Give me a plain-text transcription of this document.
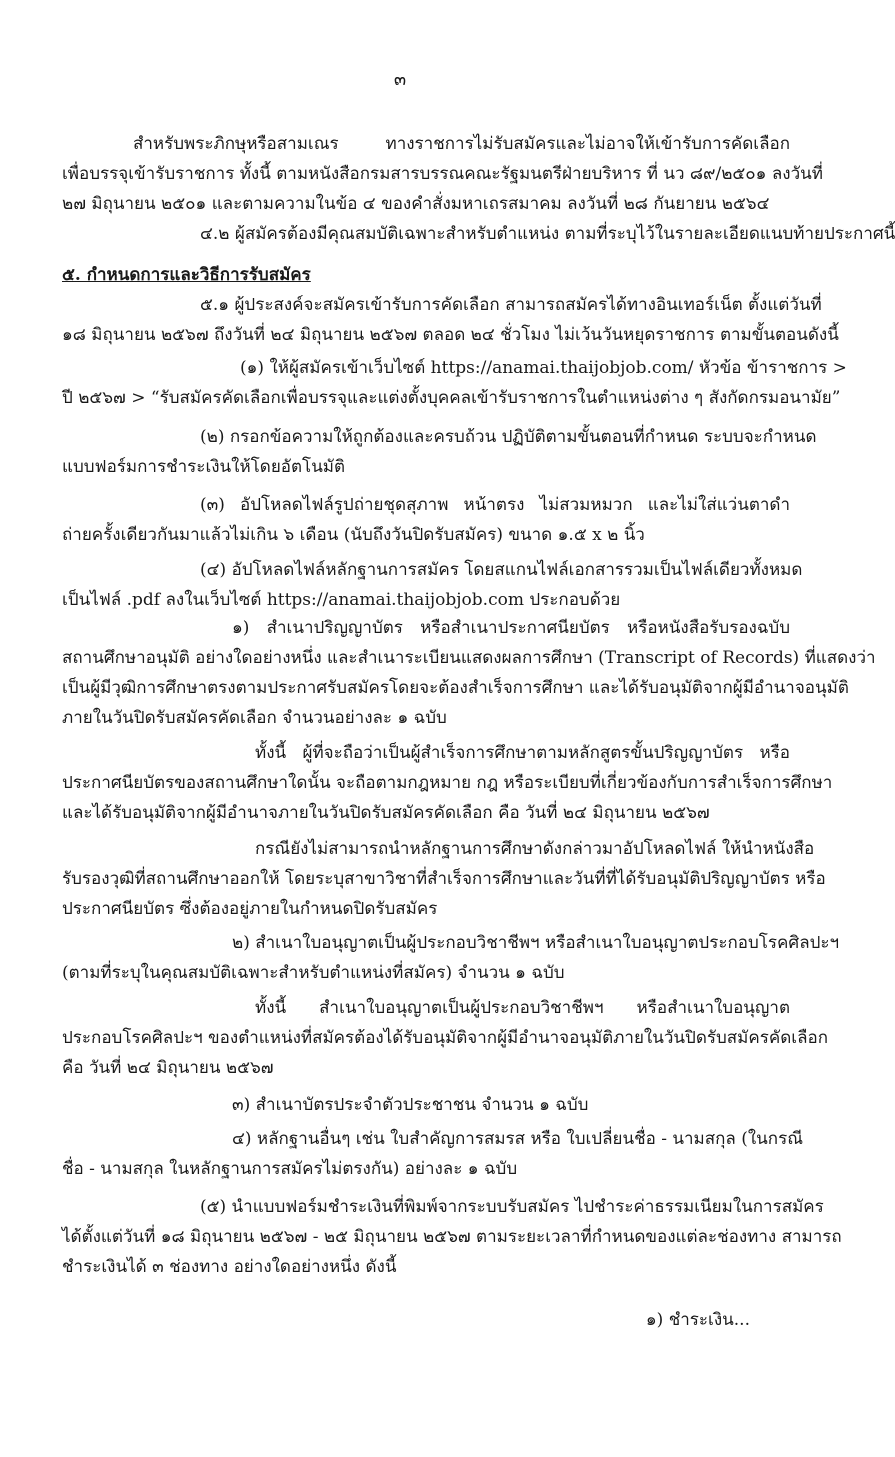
๓
สำหรับพระภิกษุหรือสามเณร ทางราชการไม่รับสมัครและไม่อาจให้เข้ารับการคัดเลือก
เพื่อบรรจุเข้ารับราชการ ทั้งนี้ ตามหนังสือกรมสารบรรณคณะรัฐมนตรีฝ่ายบริหาร ที่ นว ๘๙/๒๕๐๑ ลงวันที่
๒๗ มิถุนายน ๒๕๐๑ และตามความในข้อ ๔ ของคำสั่งมหาเถรสมาคม ลงวันที่ ๒๘ กันยายน ๒๕๖๔
๔.๒ ผู้สมัครต้องมีคุณสมบัติเฉพาะสำหรับตำแหน่ง ตามที่ระบุไว้ในรายละเอียดแนบท้ายประกาศนี้
๕. กำหนดการและวิธีการรับสมัคร
๕.๑ ผู้ประสงค์จะสมัครเข้ารับการคัดเลือก สามารถสมัครได้ทางอินเทอร์เน็ต ตั้งแต่วันที่
๑๘ มิถุนายน ๒๕๖๗ ถึงวันที่ ๒๔ มิถุนายน ๒๕๖๗ ตลอด ๒๔ ชั่วโมง ไม่เว้นวันหยุดราชการ ตามขั้นตอนดังนี้
(๑) ให้ผู้สมัครเข้าเว็บไซต์ https://anamai.thaijobjob.com/ หัวข้อ ข้าราชการ >
ปี ๒๕๖๗ > “รับสมัครคัดเลือกเพื่อบรรจุและแต่งตั้งบุคคลเข้ารับราชการในตำแหน่งต่าง ๆ สังกัดกรมอนามัย”
(๒) กรอกข้อความให้ถูกต้องและครบถ้วน ปฏิบัติตามขั้นตอนที่กำหนด ระบบจะกำหนด
แบบฟอร์มการชำระเงินให้โดยอัตโนมัติ
(๓) อัปโหลดไฟล์รูปถ่ายชุดสุภาพ หน้าตรง ไม่สวมหมวก และไม่ใส่แว่นตาดำ
ถ่ายครั้งเดียวกันมาแล้วไม่เกิน ๖ เดือน (นับถึงวันปิดรับสมัคร) ขนาด ๑.๕ x ๒ นิ้ว
(๔) อัปโหลดไฟล์หลักฐานการสมัคร โดยสแกนไฟล์เอกสารรวมเป็นไฟล์เดียวทั้งหมด
เป็นไฟล์ .pdf ลงในเว็บไซต์ https://anamai.thaijobjob.com ประกอบด้วย
๑) สำเนาปริญญาบัตร หรือสำเนาประกาศนียบัตร หรือหนังสือรับรองฉบับ
สถานศึกษาอนุมัติ อย่างใดอย่างหนึ่ง และสำเนาระเบียนแสดงผลการศึกษา (Transcript of Records) ที่แสดงว่า
เป็นผู้มีวุฒิการศึกษาตรงตามประกาศรับสมัครโดยจะต้องสำเร็จการศึกษา และได้รับอนุมัติจากผู้มีอำนาจอนุมัติ
ภายในวันปิดรับสมัครคัดเลือก จำนวนอย่างละ ๑ ฉบับ
ทั้งนี้ ผู้ที่จะถือว่าเป็นผู้สำเร็จการศึกษาตามหลักสูตรขั้นปริญญาบัตร หรือ
ประกาศนียบัตรของสถานศึกษาใดนั้น จะถือตามกฎหมาย กฎ หรือระเบียบที่เกี่ยวข้องกับการสำเร็จการศึกษา
และได้รับอนุมัติจากผู้มีอำนาจภายในวันปิดรับสมัครคัดเลือก คือ วันที่ ๒๔ มิถุนายน ๒๕๖๗
กรณียังไม่สามารถนำหลักฐานการศึกษาดังกล่าวมาอัปโหลดไฟล์ ให้นำหนังสือ
รับรองวุฒิที่สถานศึกษาออกให้ โดยระบุสาขาวิชาที่สำเร็จการศึกษาและวันที่ที่ได้รับอนุมัติปริญญาบัตร หรือ
ประกาศนียบัตร ซึ่งต้องอยู่ภายในกำหนดปิดรับสมัคร
๒) สำเนาใบอนุญาตเป็นผู้ประกอบวิชาชีพฯ หรือสำเนาใบอนุญาตประกอบโรคศิลปะฯ
(ตามที่ระบุในคุณสมบัติเฉพาะสำหรับตำแหน่งที่สมัคร) จำนวน ๑ ฉบับ
ทั้งนี้ สำเนาใบอนุญาตเป็นผู้ประกอบวิชาชีพฯ หรือสำเนาใบอนุญาต
ประกอบโรคศิลปะฯ ของตำแหน่งที่สมัครต้องได้รับอนุมัติจากผู้มีอำนาจอนุมัติภายในวันปิดรับสมัครคัดเลือก
คือ วันที่ ๒๔ มิถุนายน ๒๕๖๗
๓) สำเนาบัตรประจำตัวประชาชน จำนวน ๑ ฉบับ
๔) หลักฐานอื่นๆ เช่น ใบสำคัญการสมรส หรือ ใบเปลี่ยนชื่อ - นามสกุล (ในกรณี
ชื่อ - นามสกุล ในหลักฐานการสมัครไม่ตรงกัน) อย่างละ ๑ ฉบับ
(๕) นำแบบฟอร์มชำระเงินที่พิมพ์จากระบบรับสมัคร ไปชำระค่าธรรมเนียมในการสมัคร
ได้ตั้งแต่วันที่ ๑๘ มิถุนายน ๒๕๖๗ - ๒๕ มิถุนายน ๒๕๖๗ ตามระยะเวลาที่กำหนดของแต่ละช่องทาง สามารถ
ชำระเงินได้ ๓ ช่องทาง อย่างใดอย่างหนึ่ง ดังนี้
๑) ชำระเงิน...
